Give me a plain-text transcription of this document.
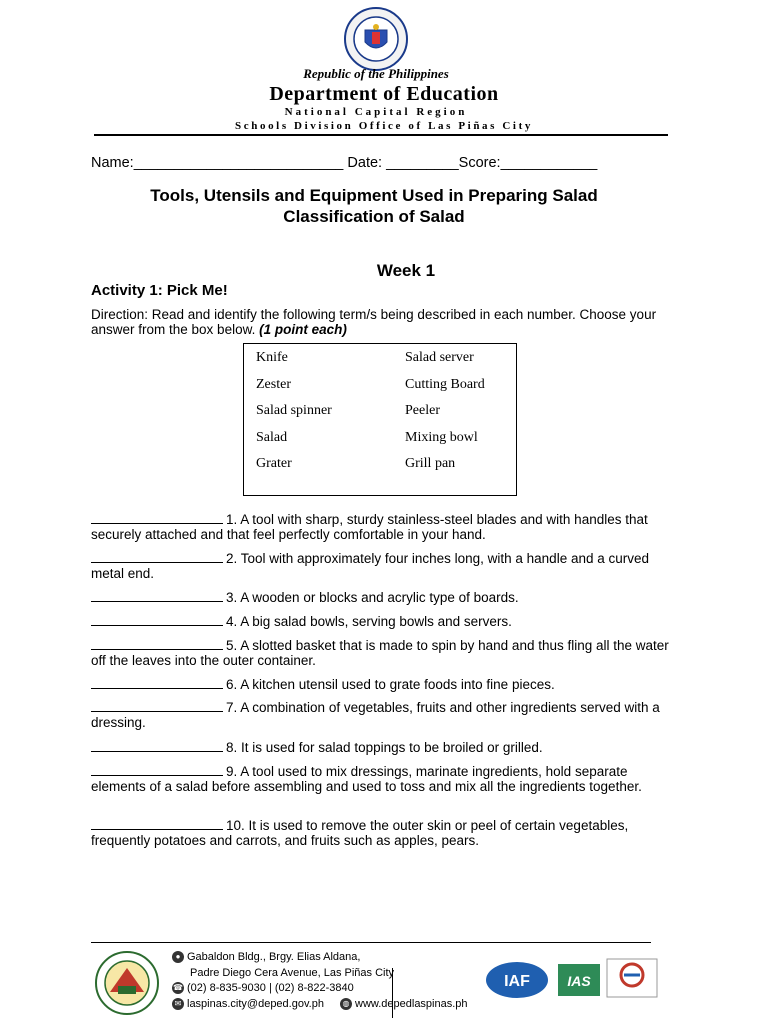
Republic of the Philippines
Department of Education
National Capital Region
Schools Division Office of Las Piñas City
Name:__________________________ Date: _________Score:____________
Tools, Utensils and Equipment Used in Preparing Salad
Classification of Salad
Week 1
Activity 1: Pick Me!
Direction: Read and identify the following term/s being described in each number. Choose your answer from the box below. (1 point each)
Knife
Zester
Salad spinner
Salad
Grater
Salad server
Cutting Board
Peeler
Mixing bowl
Grill pan
1. A tool with sharp, sturdy stainless-steel blades and with handles that securely attached and that feel perfectly comfortable in your hand.
2. Tool with approximately four inches long, with a handle and a curved metal end.
3. A wooden or blocks and acrylic type of boards.
4. A big salad bowls, serving bowls and servers.
5. A slotted basket that is made to spin by hand and thus fling all the water off the leaves into the outer container.
6. A kitchen utensil used to grate foods into fine pieces.
7. A combination of vegetables, fruits and other ingredients served with a dressing.
8. It is used for salad toppings to be broiled or grilled.
9. A tool used to mix dressings, marinate ingredients, hold separate elements of a salad before assembling and used to toss and mix all the ingredients together.
10. It is used to remove the outer skin or peel of certain vegetables, frequently potatoes and carrots, and fruits such as apples, pears.
● Gabaldon Bldg., Brgy. Elias Aldana,
Padre Diego Cera Avenue, Las Piñas City
☎ (02) 8-835-9030 | (02) 8-822-3840
✉ laspinas.city@deped.gov.ph	◍ www.depedlaspinas.ph
IAF	IAS
